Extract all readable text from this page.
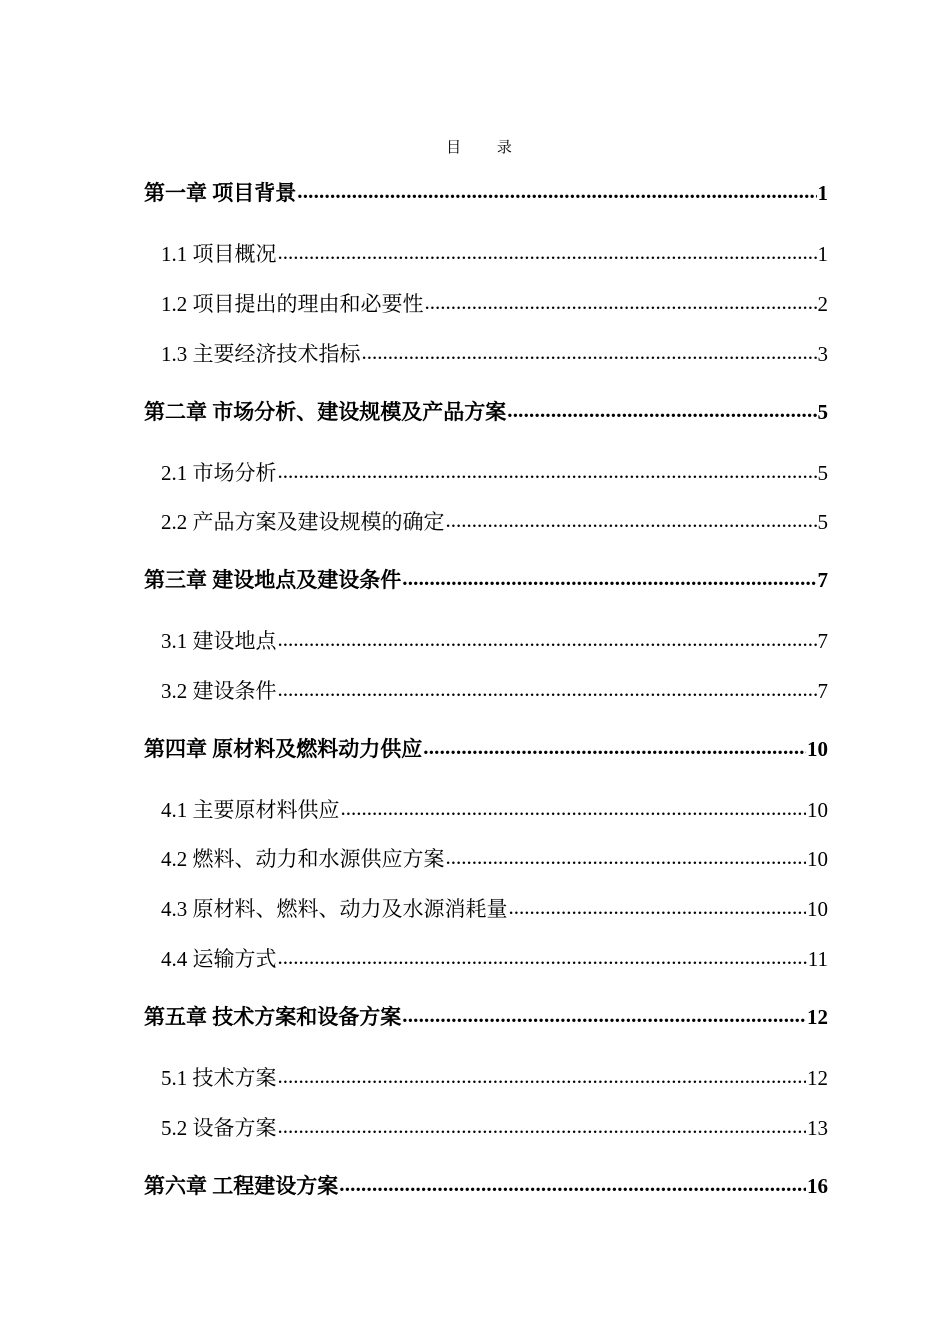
目 录
第一章 项目背景 .....	1
1.1 项目概况 .....	1
1.2 项目提出的理由和必要性 .....	2
1.3 主要经济技术指标 .....	3
第二章 市场分析、建设规模及产品方案 .....	5
2.1 市场分析 .....	5
2.2 产品方案及建设规模的确定 .....	5
第三章 建设地点及建设条件 .....	7
3.1 建设地点 .....	7
3.2 建设条件 .....	7
第四章 原材料及燃料动力供应 .....	10
4.1 主要原材料供应 .....	10
4.2 燃料、动力和水源供应方案 .....	10
4.3 原材料、燃料、动力及水源消耗量 .....	10
4.4 运输方式 .....	11
第五章 技术方案和设备方案 .....	12
5.1 技术方案 .....	12
5.2 设备方案 .....	13
第六章 工程建设方案 .....	16
